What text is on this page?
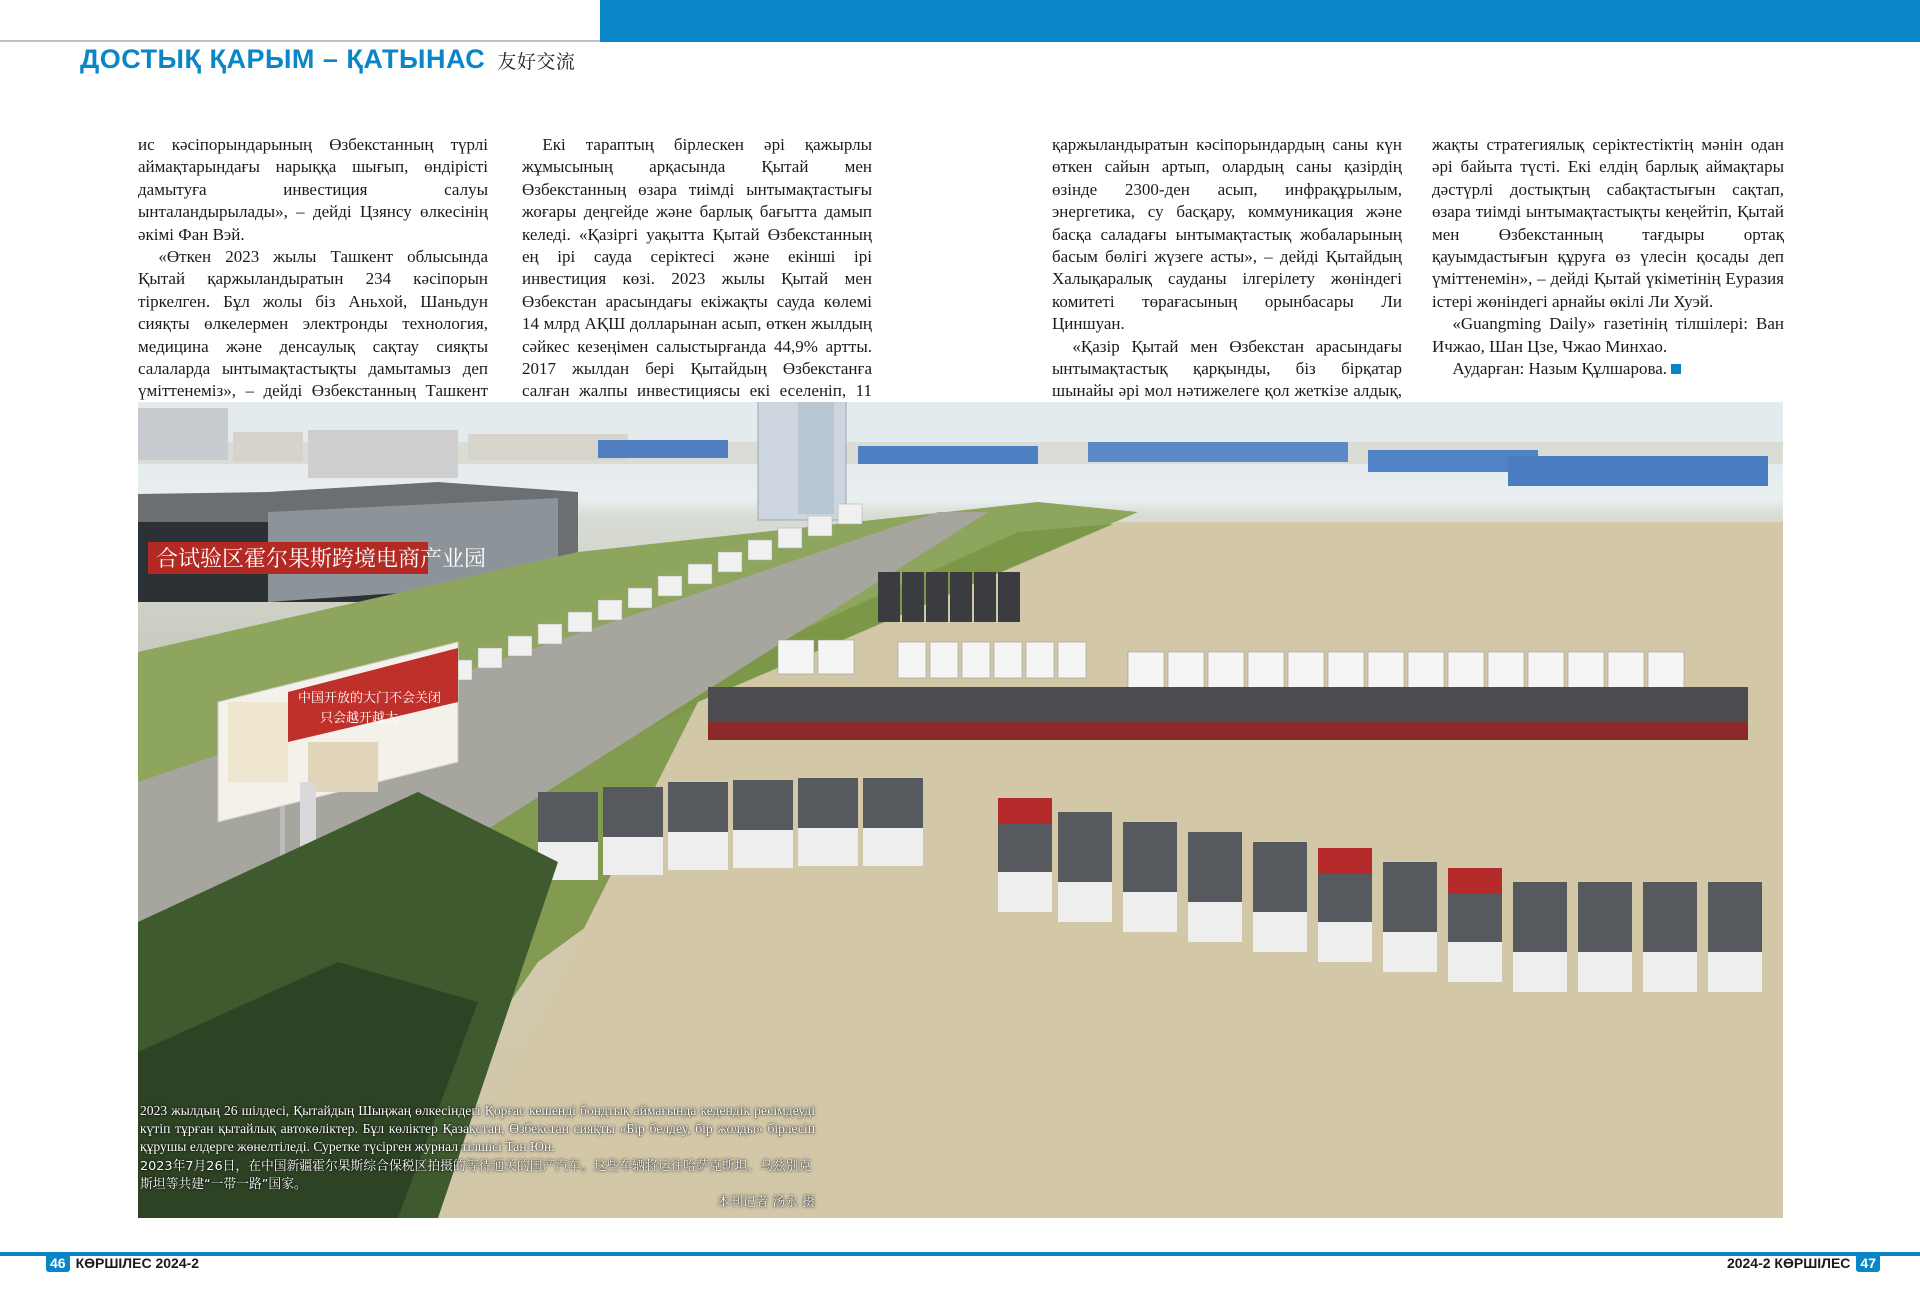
ДОСТЫҚ ҚАРЫМ – ҚАТЫНАС 友好交流

ис кәсіпорындарының Өзбекстанның түрлі аймақтарындағы нарыққа шығып, өндірісті дамытуға инвестиция салуы ынталандырылады», – дейді Цзянсу өлкесінің әкімі Фан Вэй.

«Өткен 2023 жылы Ташкент облысында Қытай қаржыландыратын 234 кәсіпорын тіркелген. Бұл жолы біз Аньхой, Шаньдун сияқты өлкелермен электронды технология, медицина және денсаулық сақтау сияқты салаларда ынтымақтастықты дамытамыз деп үміттенеміз», – дейді Өзбекстанның Ташкент

Екі тараптың бірлескен әрі қажырлы жұмысының арқасында Қытай мен Өзбекстанның өзара тиімді ынтымақтастығы жоғары деңгейде және барлық бағытта дамып келеді. «Қазіргі уақытта Қытай Өзбекстанның ең ірі сауда серіктесі және екінші ірі инвестиция көзі. 2023 жылы Қытай мен Өзбекстан арасындағы екіжақты сауда көлемі 14 млрд АҚШ долларынан асып, өткен жылдың сәйкес кезеңімен салыстырғанда 44,9% артты. 2017 жылдан бері Қытайдың Өзбекстанға салған жалпы инвестициясы екі еселеніп, 11

қаржыландыратын кәсіпорындардың саны күн өткен сайын артып, олардың саны қазірдің өзінде 2300-ден асып, инфрақұрылым, энергетика, су басқару, коммуникация және басқа саладағы ынтымақтастық жобаларының басым бөлігі жүзеге асты», – дейді Қытайдың Халықаралық сауданы ілгерілету жөніндегі комитеті төрағасының орынбасары Ли Циншуан.

«Қазір Қытай мен Өзбекстан арасындағы ынтымақтастық қарқынды, біз бірқатар шынайы әрі мол нәтижелеге қол жеткізе алдық,

жақты стратегиялық серіктестіктің мәнін одан әрі байыта түсті. Екі елдің барлық аймақтары дәстүрлі достықтың сабақтастығын сақтап, өзара тиімді ынтымақтастықты кеңейтіп, Қытай мен Өзбекстанның тағдыры ортақ қауымдастығын құруға өз үлесін қосады деп үміттенемін», – дейді Қытай үкіметінің Еуразия істері жөніндегі арнайы өкілі Ли Хуэй.

«Guangming Daily» газетінің тілшілері: Ван Ичжао, Шан Цзе, Чжао Минхао.

Аударған: Назым Құлшарова.

合试验区霍尔果斯跨境电商产业园
中国开放的大门不会关闭
只会越开越大
2023 жылдың 26 шілдесі, Қытайдың Шыңжаң өлкесіндегі Қорғас кешенді бондтық аймағында кедендік ресімдеуді күтіп тұрған қытайлық автокөліктер. Бұл көліктер Қазақстан, Өзбекстан сияқты «Бір белдеу, бір жолды» бірлесіп құрушы елдерге жөнелтіледі. Суретке түсірген журнал тілшісі Тан Юн.
2023年7月26日，在中国新疆霍尔果斯综合保税区拍摄的等待通关的国产汽车。这些车辆将运往哈萨克斯坦、乌兹别克斯坦等共建“一带一路”国家。
本刊记者 汤永 摄
46 КӨРШІЛЕС 2024-2	2024-2 КӨРШІЛЕС 47
